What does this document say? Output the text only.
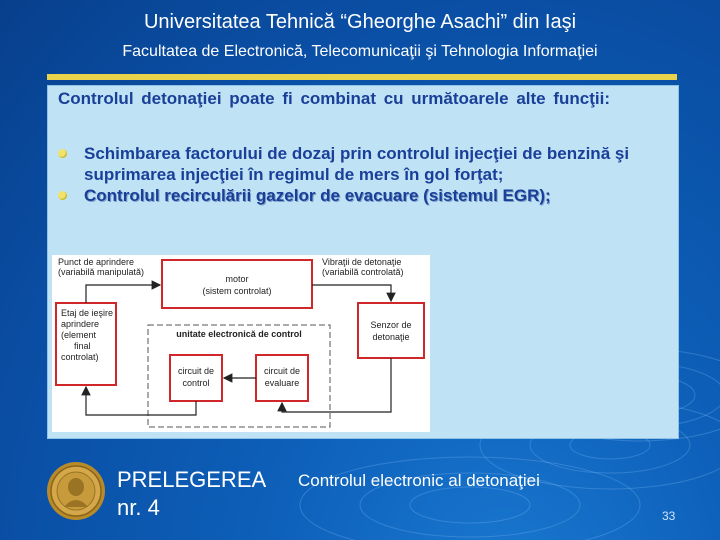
Universitatea Tehnică “Gheorghe Asachi” din Iaşi
Facultatea de Electronică, Telecomunicaţii şi Tehnologia Informaţiei
Controlul detonaţiei poate fi combinat cu următoarele alte funcţii:
Schimbarea factorului de dozaj prin controlul injecţiei de benzină şi suprimarea injecţiei în regimul de mers în gol forţat;
Controlul recirculării gazelor de evacuare (sistemul EGR);
Punct de aprindere
(variabilă manipulată)
Vibraţii de detonaţie
(variabilă controlată)
motor
(sistem controlat)
Etaj de ieşire
aprindere
(element
final
controlat)
Senzor de
detonaţie
unitate electronică de control
circuit de
control
circuit de
evaluare
PRELEGEREA
nr. 4
Controlul electronic al detonaţiei
33
